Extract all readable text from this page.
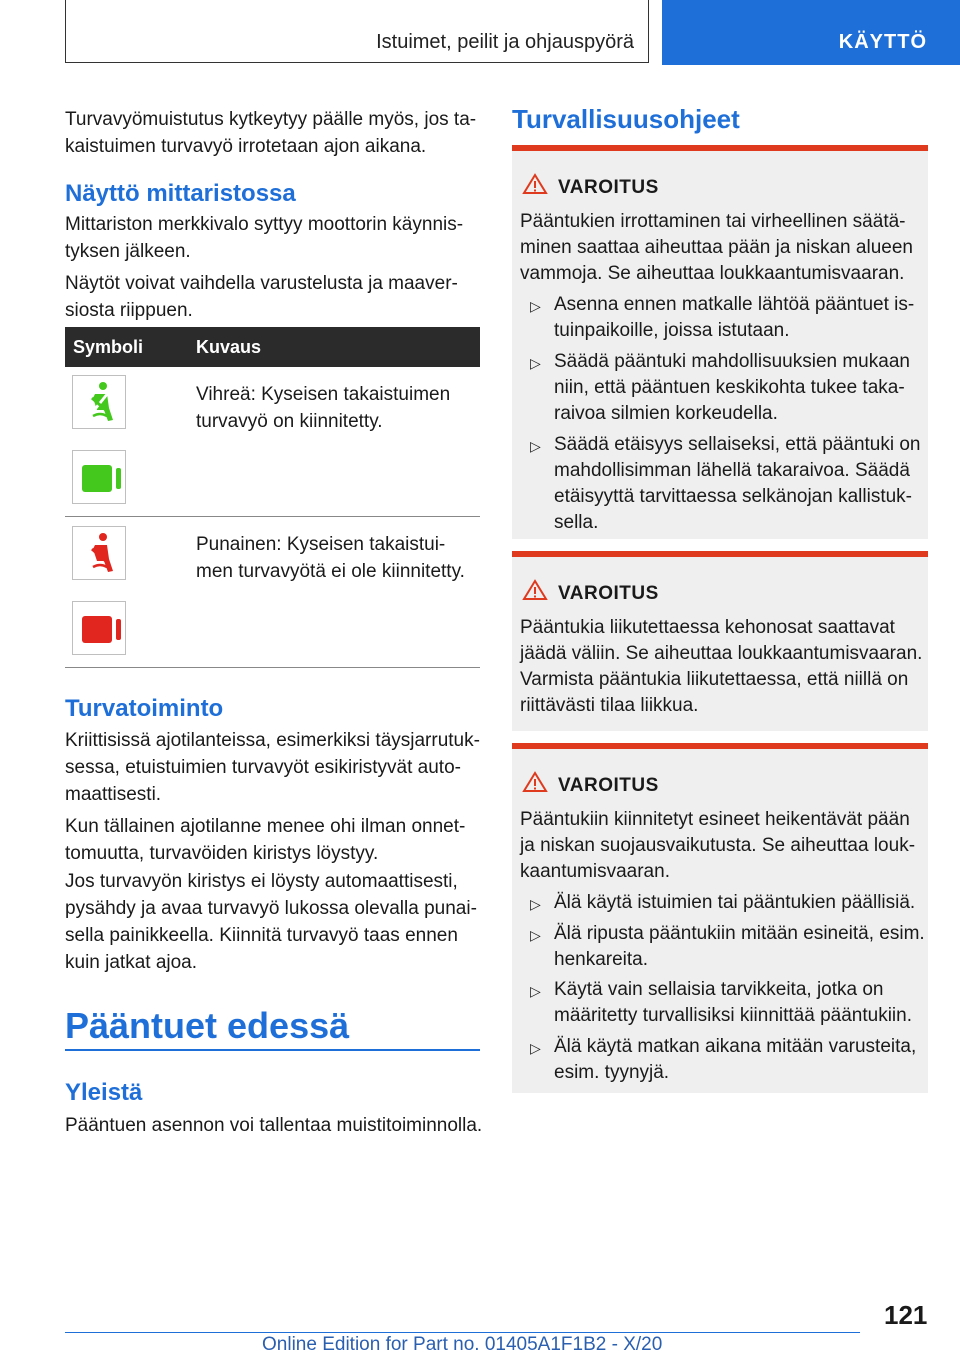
Istuimet, peilit ja ohjauspyörä	KÄYTTÖ

Turvavyömuistutus kytkeytyy päälle myös, jos ta-kaistuimen turvavyö irrotetaan ajon aikana.

Näyttö mittaristossa

Mittariston merkkivalo syttyy moottorin käynnis-tyksen jälkeen.

Näytöt voivat vaihdella varustelusta ja maaver-siosta riippuen.

Symboli	Kuvaus
Vihreä: Kyseisen takaistuimen turvavyö on kiinnitetty.
Punainen: Kyseisen takaistui-men turvavyötä ei ole kiinnitetty.
Turvatoiminto

Kriittisissä ajotilanteissa, esimerkiksi täysjarrutuk-sessa, etuistuimien turvavyöt esikiristyvät auto-maattisesti.

Kun tällainen ajotilanne menee ohi ilman onnet-tomuutta, turvavöiden kiristys löystyy.

Jos turvavyön kiristys ei löysty automaattisesti, pysähdy ja avaa turvavyö lukossa olevalla punai-sella painikkeella. Kiinnitä turvavyö taas ennen kuin jatkat ajoa.

Pääntuet edessä
Yleistä

Pääntuen asennon voi tallentaa muistitoiminnolla.

Turvallisuusohjeet
VAROITUS
Pääntukien irrottaminen tai virheellinen säätä-minen saattaa aiheuttaa pään ja niskan alueen vammoja. Se aiheuttaa loukkaantumisvaaran.
▷ Asenna ennen matkalle lähtöä pääntuet is-tuinpaikoille, joissa istutaan.
▷ Säädä pääntuki mahdollisuuksien mukaan niin, että pääntuen keskikohta tukee taka-raivoa silmien korkeudella.
▷ Säädä etäisyys sellaiseksi, että pääntuki on mahdollisimman lähellä takaraivoa. Säädä etäisyyttä tarvittaessa selkänojan kallistuk-sella.
VAROITUS
Pääntukia liikutettaessa kehonosat saattavat jäädä väliin. Se aiheuttaa loukkaantumisvaaran. Varmista pääntukia liikutettaessa, että niillä on riittävästi tilaa liikkua.
VAROITUS
Pääntukiin kiinnitetyt esineet heikentävät pään ja niskan suojausvaikutusta. Se aiheuttaa louk-kaantumisvaaran.
▷ Älä käytä istuimien tai pääntukien päällisiä.
▷ Älä ripusta pääntukiin mitään esineitä, esim. henkareita.
▷ Käytä vain sellaisia tarvikkeita, jotka on määritetty turvallisiksi kiinnittää pääntukiin.
▷ Älä käytä matkan aikana mitään varusteita, esim. tyynyjä.
121
Online Edition for Part no. 01405A1F1B2 - X/20
